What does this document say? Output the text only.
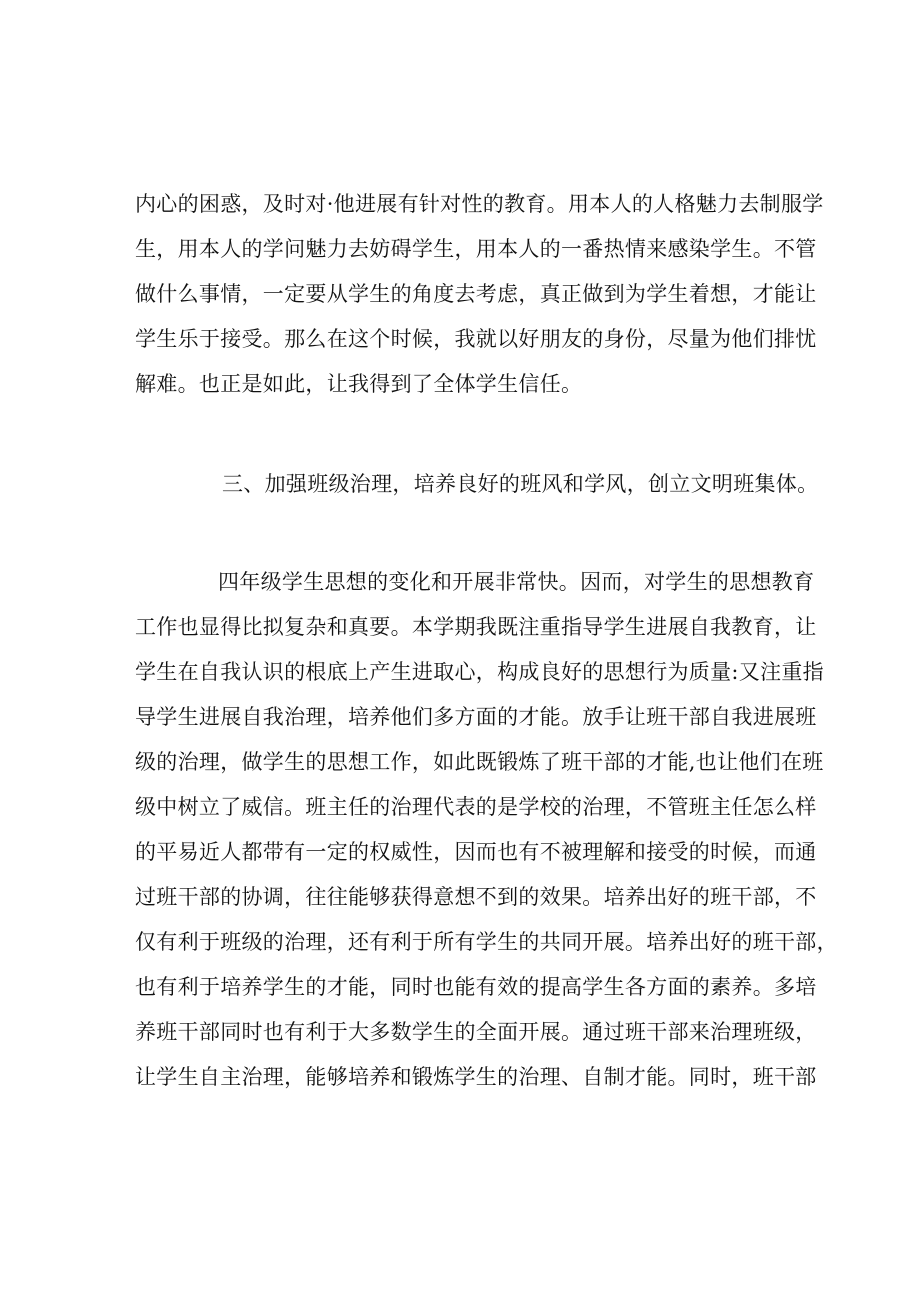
内心的困惑，及时对·他进展有针对性的教育。用本人的人格魅力去制服学

生，用本人的学问魅力去妨碍学生，用本人的一番热情来感染学生。不管

做什么事情，一定要从学生的角度去考虑，真正做到为学生着想，才能让

学生乐于接受。那么在这个时候，我就以好朋友的身份，尽量为他们排忧

解难。也正是如此，让我得到了全体学生信任。

三、加强班级治理，培养良好的班风和学风，创立文明班集体。

四年级学生思想的变化和开展非常快。因而，对学生的思想教育

工作也显得比拟复杂和真要。本学期我既注重指导学生进展自我教育，让

学生在自我认识的根底上产生进取心，构成良好的思想行为质量:又注重指

导学生进展自我治理，培养他们多方面的才能。放手让班干部自我进展班

级的治理，做学生的思想工作，如此既锻炼了班干部的才能,也让他们在班

级中树立了威信。班主任的治理代表的是学校的治理，不管班主任怎么样

的平易近人都带有一定的权威性，因而也有不被理解和接受的时候，而通

过班干部的协调，往往能够获得意想不到的效果。培养出好的班干部，不

仅有利于班级的治理，还有利于所有学生的共同开展。培养出好的班干部，

也有利于培养学生的才能，同时也能有效的提高学生各方面的素养。多培

养班干部同时也有利于大多数学生的全面开展。通过班干部来治理班级，

让学生自主治理，能够培养和锻炼学生的治理、自制才能。同时，班干部
